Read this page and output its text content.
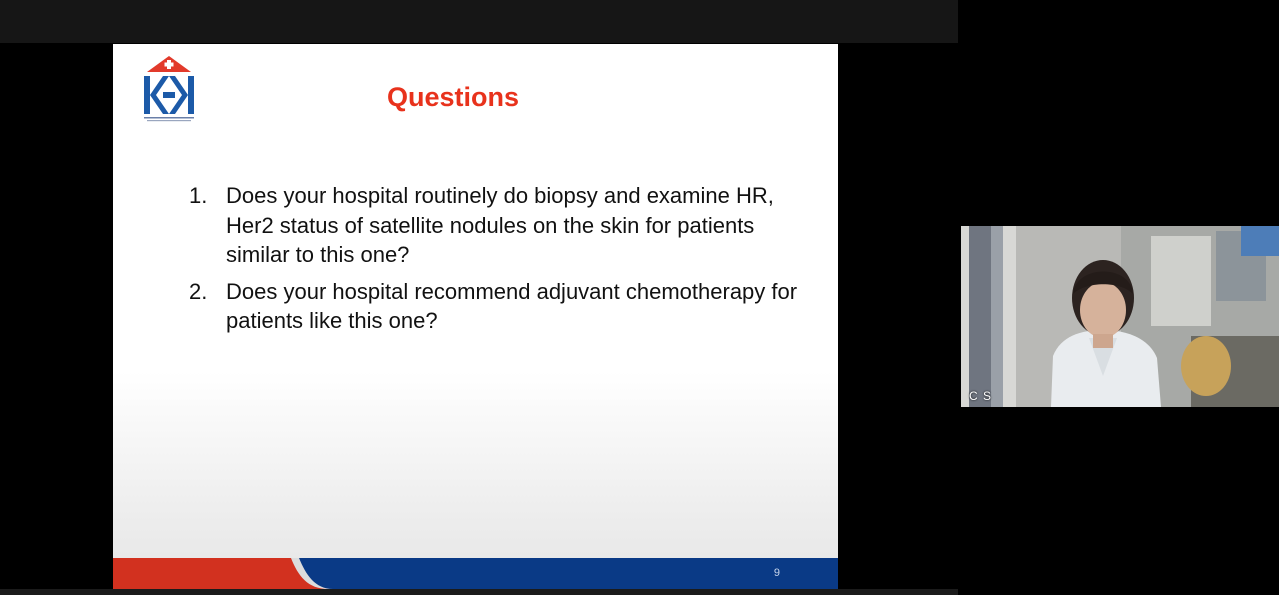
Questions
1. Does your hospital routinely do biopsy and examine HR, Her2 status of satellite nodules on the skin for patients similar to this one?
2. Does your hospital recommend adjuvant chemotherapy for patients like this one?
9
C S
